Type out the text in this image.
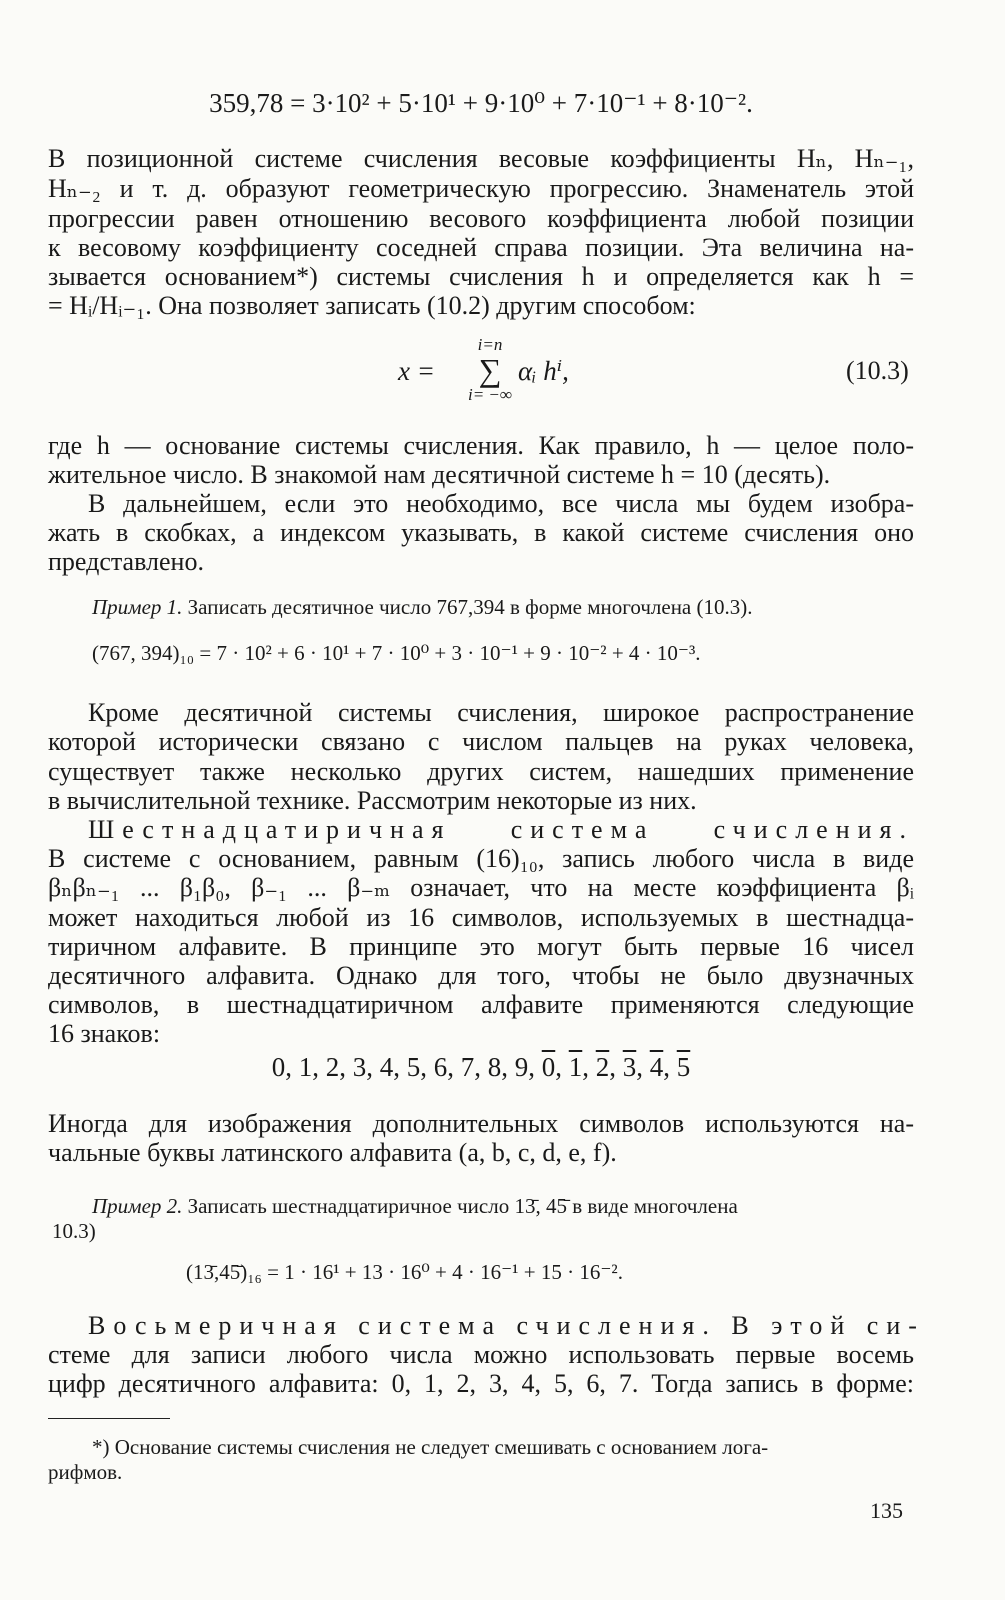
359,78 = 3·10² + 5·10¹ + 9·10⁰ + 7·10⁻¹ + 8·10⁻².
В позиционной системе счисления весовые коэффициенты Hₙ, Hₙ₋₁,
Hₙ₋₂ и т. д. образуют геометрическую прогрессию. Знаменатель этой
прогрессии равен отношению весового коэффициента любой позиции
к весовому коэффициенту соседней справа позиции. Эта величина на-
зывается основанием*) системы счисления h и определяется как h =
= Hᵢ/Hᵢ₋₁. Она позволяет записать (10.2) другим способом:
x =
i=n
∑
i= −∞
αᵢ hⁱ,	(10.3)
где h — основание системы счисления. Как правило, h — целое поло-
жительное число. В знакомой нам десятичной системе h = 10 (десять).
В дальнейшем, если это необходимо, все числа мы будем изобра-
жать в скобках, а индексом указывать, в какой системе счисления оно
представлено.
Пример 1. Записать десятичное число 767,394 в форме многочлена (10.3).
(767, 394)₁₀ = 7 · 10² + 6 · 10¹ + 7 · 10⁰ + 3 · 10⁻¹ + 9 · 10⁻² + 4 · 10⁻³.
Кроме десятичной системы счисления, широкое распространение
которой исторически связано с числом пальцев на руках человека,
существует также несколько других систем, нашедших применение
в вычислительной технике. Рассмотрим некоторые из них.
Шестнадцатиричная система счисления.
В системе с основанием, равным (16)₁₀, запись любого числа в виде
βₙβₙ₋₁ ... β₁β₀, β₋₁ ... β₋ₘ означает, что на месте коэффициента βᵢ
может находиться любой из 16 символов, используемых в шестнадца-
тиричном алфавите. В принципе это могут быть первые 16 чисел
десятичного алфавита. Однако для того, чтобы не было двузначных
символов, в шестнадцатиричном алфавите применяются следующие
16 знаков:
0, 1, 2, 3, 4, 5, 6, 7, 8, 9, 0, 1, 2, 3, 4, 5
Иногда для изображения дополнительных символов используются на-
чальные буквы латинского алфавита (a, b, c, d, e, f).
Пример 2. Записать шестнадцатиричное число 13̄, 45̄ в виде многочлена
10.3)
(13̄,45̄)₁₆ = 1 · 16¹ + 13 · 16⁰ + 4 · 16⁻¹ + 15 · 16⁻².
Восьмеричная система счисления. В этой си-
стеме для записи любого числа можно использовать первые восемь
цифр десятичного алфавита: 0, 1, 2, 3, 4, 5, 6, 7. Тогда запись в форме:
*) Основание системы счисления не следует смешивать с основанием лога-
рифмов.
135
